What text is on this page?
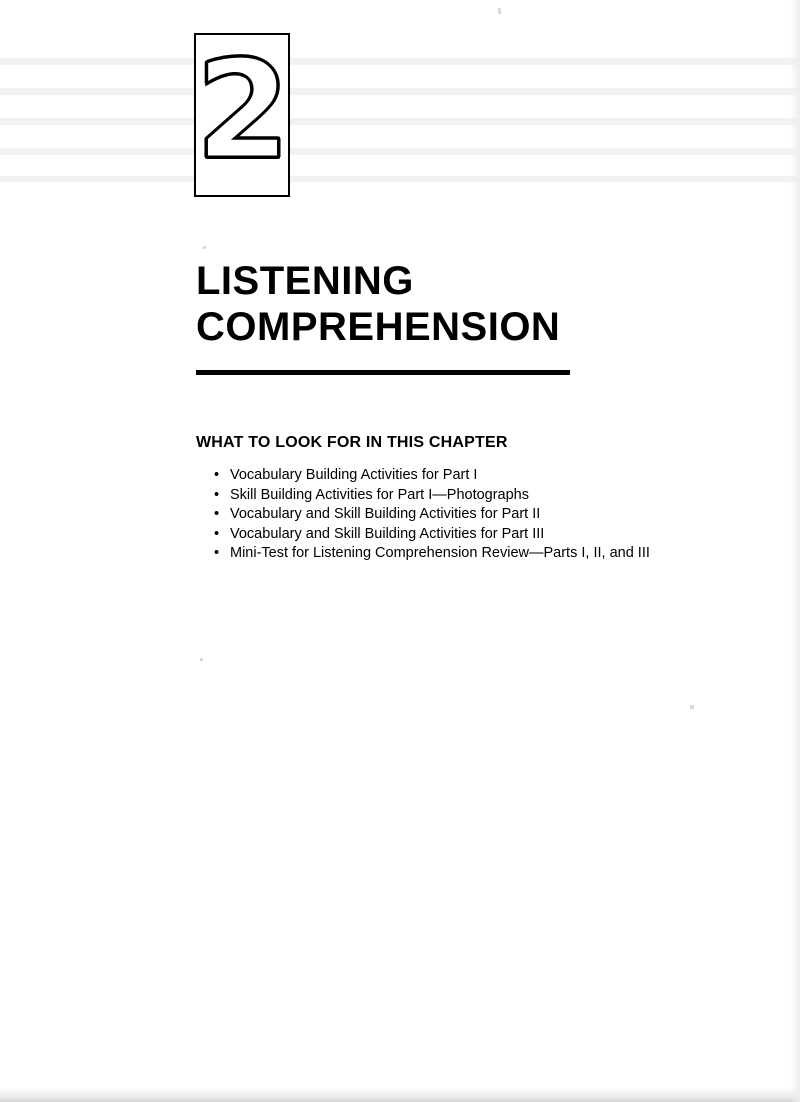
2
LISTENING
COMPREHENSION
WHAT TO LOOK FOR IN THIS CHAPTER
• Vocabulary Building Activities for Part I
• Skill Building Activities for Part I—Photographs
• Vocabulary and Skill Building Activities for Part II
• Vocabulary and Skill Building Activities for Part III
• Mini-Test for Listening Comprehension Review—Parts I, II, and III
